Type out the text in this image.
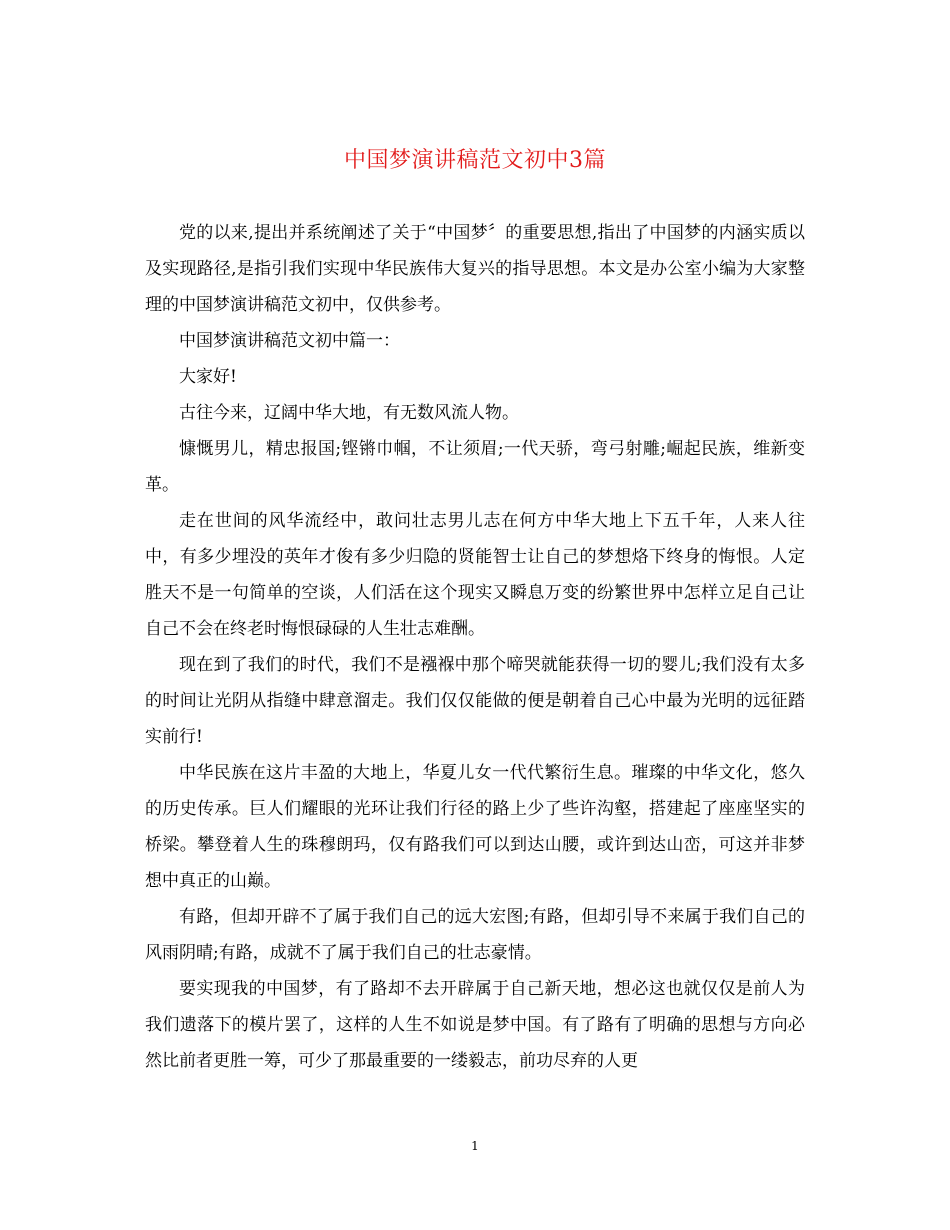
中国梦演讲稿范文初中3篇

党的以来,提出并系统阐述了关于“中国梦〞的重要思想,指出了中国梦的内涵实质以及实现路径,是指引我们实现中华民族伟大复兴的指导思想。本文是办公室小编为大家整理的中国梦演讲稿范文初中，仅供参考。

中国梦演讲稿范文初中篇一：

大家好!

古往今来，辽阔中华大地，有无数风流人物。

慷慨男儿，精忠报国;铿锵巾帼，不让须眉;一代天骄，弯弓射雕;崛起民族，维新变革。

走在世间的风华流经中，敢问壮志男儿志在何方中华大地上下五千年，人来人往中，有多少埋没的英年才俊有多少归隐的贤能智士让自己的梦想烙下终身的悔恨。人定胜天不是一句简单的空谈，人们活在这个现实又瞬息万变的纷繁世界中怎样立足自己让自己不会在终老时悔恨碌碌的人生壮志难酬。

现在到了我们的时代，我们不是襁褓中那个啼哭就能获得一切的婴儿;我们没有太多的时间让光阴从指缝中肆意溜走。我们仅仅能做的便是朝着自己心中最为光明的远征踏实前行!

中华民族在这片丰盈的大地上，华夏儿女一代代繁衍生息。璀璨的中华文化，悠久的历史传承。巨人们耀眼的光环让我们行径的路上少了些许沟壑，搭建起了座座坚实的桥梁。攀登着人生的珠穆朗玛，仅有路我们可以到达山腰，或许到达山峦，可这并非梦想中真正的山巅。

有路，但却开辟不了属于我们自己的远大宏图;有路，但却引导不来属于我们自己的风雨阴晴;有路，成就不了属于我们自己的壮志豪情。

要实现我的中国梦，有了路却不去开辟属于自己新天地，想必这也就仅仅是前人为我们遗落下的模片罢了，这样的人生不如说是梦中国。有了路有了明确的思想与方向必然比前者更胜一筹，可少了那最重要的一缕毅志，前功尽弃的人更

1
